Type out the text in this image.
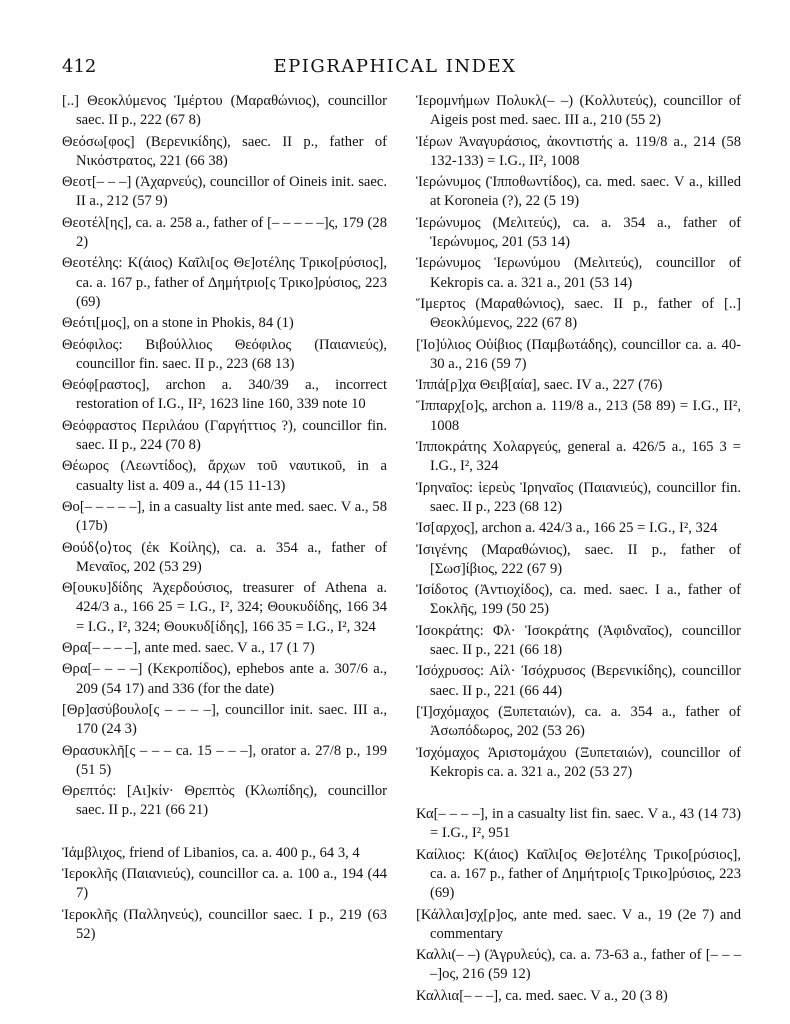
412	EPIGRAPHICAL INDEX

[..] Θεοκλύμενος Ἱμέρτου (Μαραθώνιος), councillor saec. II p., 222 (67 8)

Θεόσω[φος] (Βερενικίδης), saec. II p., father of Νικόστρατος, 221 (66 38)

Θεοτ[– – –] (Ἀχαρνεύς), councillor of Oineis init. saec. II a., 212 (57 9)

Θεοτέλ[ης], ca. a. 258 a., father of [– – – – –]ς, 179 (28 2)

Θεοτέλης: Κ(άιος) Καῖλι[ος Θε]οτέλης Τρικο[ρύσιος], ca. a. 167 p., father of Δημήτριο[ς Τρικο]ρύσιος, 223 (69)

Θεότι[μος], on a stone in Phokis, 84 (1)

Θεόφιλος: Βιβούλλιος Θεόφιλος (Παιανιεύς), councillor fin. saec. II p., 223 (68 13)

Θεόφ[ραστος], archon a. 340/39 a., incorrect restoration of I.G., II², 1623 line 160, 339 note 10

Θεόφραστος Περιλάου (Γαργήττιος ?), councillor fin. saec. II p., 224 (70 8)

Θέωρος (Λεωντίδος), ἄρχων τοῦ ναυτικοῦ, in a casualty list a. 409 a., 44 (15 11-13)

Θο[– – – – –], in a casualty list ante med. saec. V a., 58 (17b)

Θούδ⟨ο⟩τος (ἐκ Κοίλης), ca. a. 354 a., father of Μεναῖος, 202 (53 29)

Θ[ουκυ]δίδης Ἀχερδούσιος, treasurer of Athena a. 424/3 a., 166 25 = I.G., I², 324; Θουκυδίδης, 166 34 = I.G., I², 324; Θουκυδ[ίδης], 166 35 = I.G., I², 324

Θρα[– – – –], ante med. saec. V a., 17 (1 7)

Θρα[– – – –] (Κεκροπίδος), ephebos ante a. 307/6 a., 209 (54 17) and 336 (for the date)

[Θρ]ασύβουλο[ς – – – –], councillor init. saec. III a., 170 (24 3)

Θρασυκλῆ[ς – – – ca. 15 – – –], orator a. 27/8 p., 199 (51 5)

Θρεπτός: [Αι]κίν· Θρεπτὸς (Κλωπίδης), councillor saec. II p., 221 (66 21)

Ἰάμβλιχος, friend of Libanios, ca. a. 400 p., 64 3, 4

Ἱεροκλῆς (Παιανιεύς), councillor ca. a. 100 a., 194 (44 7)

Ἱεροκλῆς (Παλληνεύς), councillor saec. I p., 219 (63 52)

Ἱερομνήμων Πολυκλ(– –) (Κολλυτεύς), councillor of Aigeis post med. saec. III a., 210 (55 2)

Ἱέρων Ἀναγυράσιος, ἀκοντιστής a. 119/8 a., 214 (58 132-133) = I.G., II², 1008

Ἱερώνυμος (Ἱπποθωντίδος), ca. med. saec. V a., killed at Koroneia (?), 22 (5 19)

Ἱερώνυμος (Μελιτεύς), ca. a. 354 a., father of Ἱερώνυμος, 201 (53 14)

Ἱερώνυμος Ἱερωνύμου (Μελιτεύς), councillor of Kekropis ca. a. 321 a., 201 (53 14)

Ἵμερτος (Μαραθώνιος), saec. II p., father of [..] Θεοκλύμενος, 222 (67 8)

[Ἰο]ύλιος Οὐίβιος (Παμβωτάδης), councillor ca. a. 40-30 a., 216 (59 7)

Ἱππά[ρ]χα Θειβ[αία], saec. IV a., 227 (76)

Ἵππαρχ[ο]ς, archon a. 119/8 a., 213 (58 89) = I.G., II², 1008

Ἱπποκράτης Χολαργεύς, general a. 426/5 a., 165 3 = I.G., I², 324

Ἱρηναῖος: ἱερεὺς Ἱρηναῖος (Παιανιεύς), councillor fin. saec. II p., 223 (68 12)

Ἰσ[αρχος], archon a. 424/3 a., 166 25 = I.G., I², 324

Ἰσιγένης (Μαραθώνιος), saec. II p., father of [Σωσ]ίβιος, 222 (67 9)

Ἰσίδοτος (Ἀντιοχίδος), ca. med. saec. I a., father of Σοκλῆς, 199 (50 25)

Ἰσοκράτης: Φλ· Ἰσοκράτης (Ἀφιδναῖος), councillor saec. II p., 221 (66 18)

Ἰσόχρυσος: Αἰλ· Ἰσόχρυσος (Βερενικίδης), councillor saec. II p., 221 (66 44)

[Ἰ]σχόμαχος (Ξυπεταιών), ca. a. 354 a., father of Ἀσωπόδωρος, 202 (53 26)

Ἰσχόμαχος Ἀριστομάχου (Ξυπεταιών), councillor of Kekropis ca. a. 321 a., 202 (53 27)

Κα[– – – –], in a casualty list fin. saec. V a., 43 (14 73) = I.G., I², 951

Καίλιος: Κ(άιος) Καῖλι[ος Θε]οτέλης Τρικο[ρύσιος], ca. a. 167 p., father of Δημήτριο[ς Τρικο]ρύσιος, 223 (69)

[Κάλλαι]σχ[ρ]ος, ante med. saec. V a., 19 (2e 7) and commentary

Καλλι(– –) (Ἀγρυλεύς), ca. a. 73-63 a., father of [– – – –]ος, 216 (59 12)

Καλλια[– – –], ca. med. saec. V a., 20 (3 8)
